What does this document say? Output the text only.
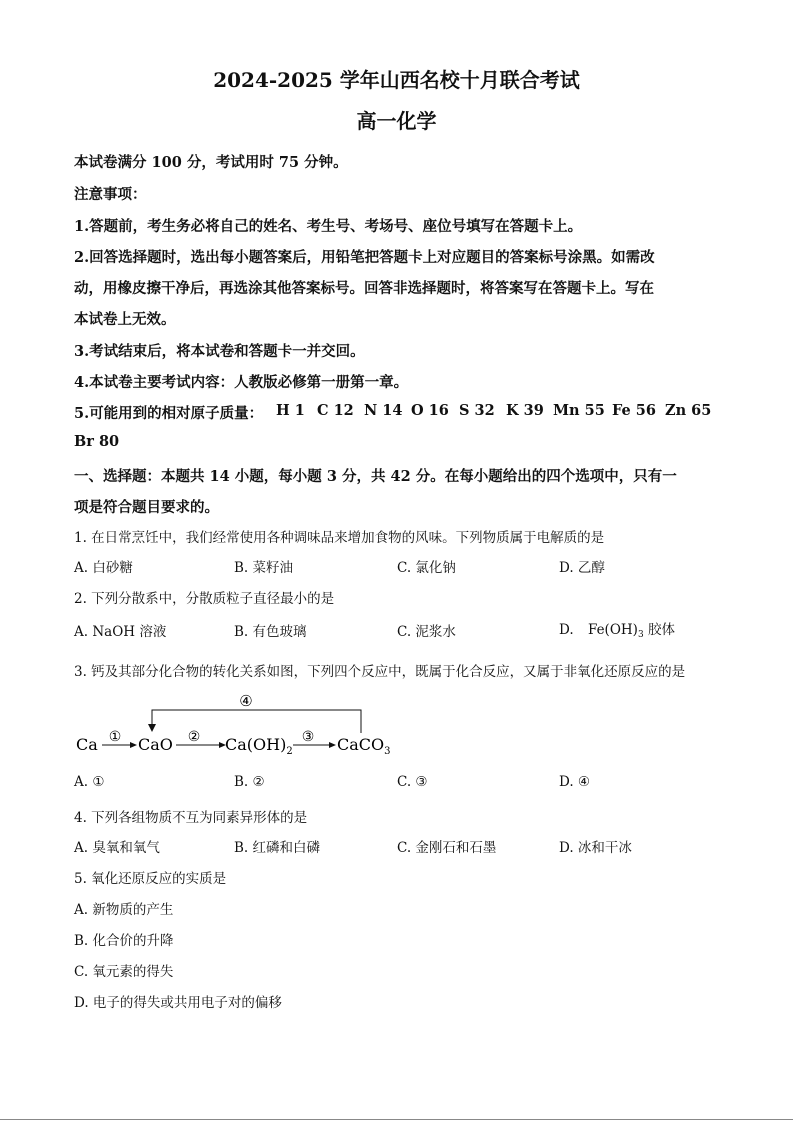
2024-2025 学年山西名校十月联合考试
高一化学
本试卷满分 100 分，考试用时 75 分钟。
注意事项：
1.答题前，考生务必将自己的姓名、考生号、考场号、座位号填写在答题卡上。
2.回答选择题时，选出每小题答案后，用铅笔把答题卡上对应题目的答案标号涂黑。如需改
动，用橡皮擦干净后，再选涂其他答案标号。回答非选择题时，将答案写在答题卡上。写在
本试卷上无效。
3.考试结束后，将本试卷和答题卡一并交回。
4.本试卷主要考试内容：人教版必修第一册第一章。
5.可能用到的相对原子质量： H 1 C 12 N 14 O 16 S 32 K 39 Mn 55 Fe 56 Zn 65
Br 80
一、选择题：本题共 14 小题，每小题 3 分，共 42 分。在每小题给出的四个选项中，只有一
项是符合题目要求的。
1. 在日常烹饪中，我们经常使用各种调味品来增加食物的风味。下列物质属于电解质的是
A. 白砂糖	B. 菜籽油	C. 氯化钠	D. 乙醇
2. 下列分散系中，分散质粒子直径最小的是
A. NaOH 溶液	B. 有色玻璃	C. 泥浆水	D. $Fe(OH)_3$ 胶体
3. 钙及其部分化合物的转化关系如图，下列四个反应中，既属于化合反应，又属于非氧化还原反应的是
④
Ca ① CaO ② $Ca(OH)_2$
③ CaCO$_3$
A. ①	B. ②	C. ③	D. ④
4. 下列各组物质不互为同素异形体的是
A. 臭氧和氧气	B. 红磷和白磷	C. 金刚石和石墨	D. 冰和干冰
5. 氧化还原反应的实质是
A. 新物质的产生
B. 化合价的升降
C. 氧元素的得失
D. 电子的得失或共用电子对的偏移
